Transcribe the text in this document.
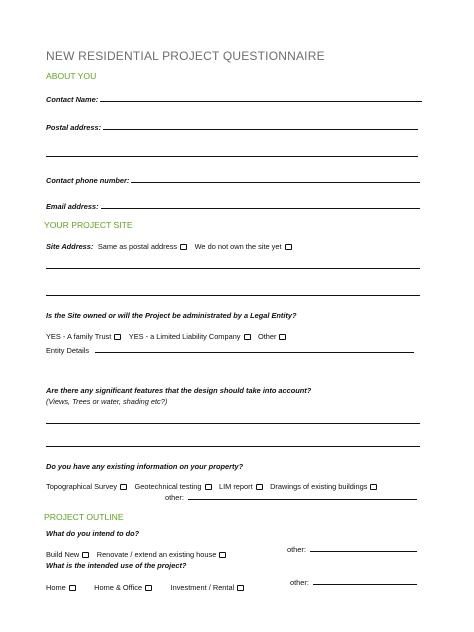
NEW RESIDENTIAL PROJECT QUESTIONNAIRE
ABOUT YOU
Contact Name:
Postal address:
Contact phone number:
Email address:
YOUR PROJECT SITE
Site Address: Same as postal address We do not own the site yet
Is the Site owned or will the Project be administrated by a Legal Entity?
YES - A family Trust YES - a Limited Liability Company Other
Entity Details
Are there any significant features that the design should take into account?
(Views, Trees or water, shading etc?)
Do you have any existing information on your property?
Topographical Survey Geotechnical testing LIM report Drawings of existing buildings
other:
PROJECT OUTLINE
What do you intend to do?
Build New Renovate / extend an existing house
other:
What is the intended use of the project?
Home	Home & Office	Investment / Rental
other:
